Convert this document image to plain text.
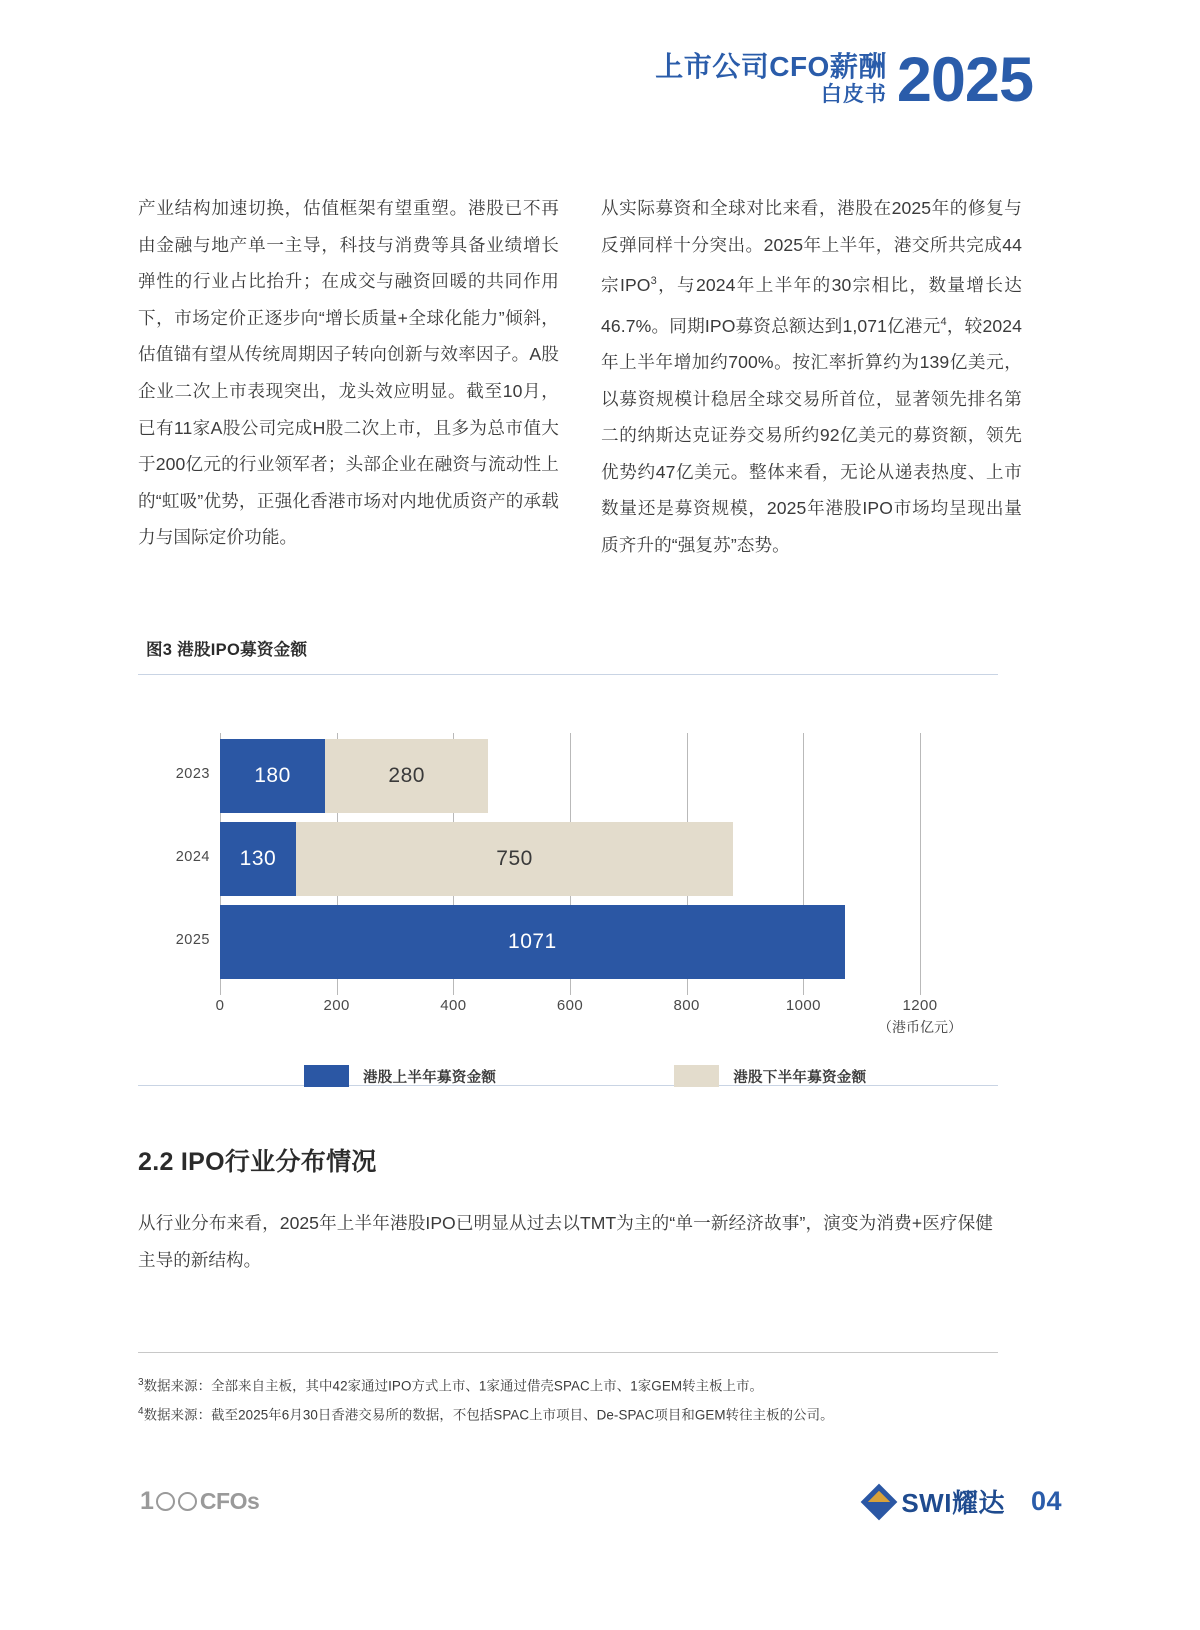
上市公司CFO薪酬
白皮书 2025

产业结构加速切换，估值框架有望重塑。港股已不再由金融与地产单一主导，科技与消费等具备业绩增长弹性的行业占比抬升；在成交与融资回暖的共同作用下，市场定价正逐步向“增长质量+全球化能力”倾斜，估值锚有望从传统周期因子转向创新与效率因子。A股企业二次上市表现突出，龙头效应明显。截至10月，已有11家A股公司完成H股二次上市，且多为总市值大于200亿元的行业领军者；头部企业在融资与流动性上的“虹吸”优势，正强化香港市场对内地优质资产的承载力与国际定价功能。

从实际募资和全球对比来看，港股在2025年的修复与反弹同样十分突出。2025年上半年，港交所共完成44宗IPO$^3$，与2024年上半年的30宗相比，数量增长达46.7%。同期IPO募资总额达到1,071亿港元$^4$，较2024年上半年增加约700%。按汇率折算约为139亿美元，以募资规模计稳居全球交易所首位，显著领先排名第二的纳斯达克证券交易所约92亿美元的募资额，领先优势约47亿美元。整体来看，无论从递表热度、上市数量还是募资规模，2025年港股IPO市场均呈现出量质齐升的“强复苏”态势。

图3 港股IPO募资金额
2023 180	280
2024 130	750
2025	1071
0	200	400	600	800	1000	1200
（港币亿元）
港股上半年募资金额	港股下半年募资金额
2.2 IPO行业分布情况
从行业分布来看，2025年上半年港股IPO已明显从过去以TMT为主的“单一新经济故事”，演变为消费+医疗保健主导的新结构。
$^3$数据来源：全部来自主板，其中42家通过IPO方式上市、1家通过借壳SPAC上市、1家GEM转主板上市。
$^4$数据来源：截至2025年6月30日香港交易所的数据，不包括SPAC上市项目、De-SPAC项目和GEM转往主板的公司。
1 CFOs	SWI耀达 04
